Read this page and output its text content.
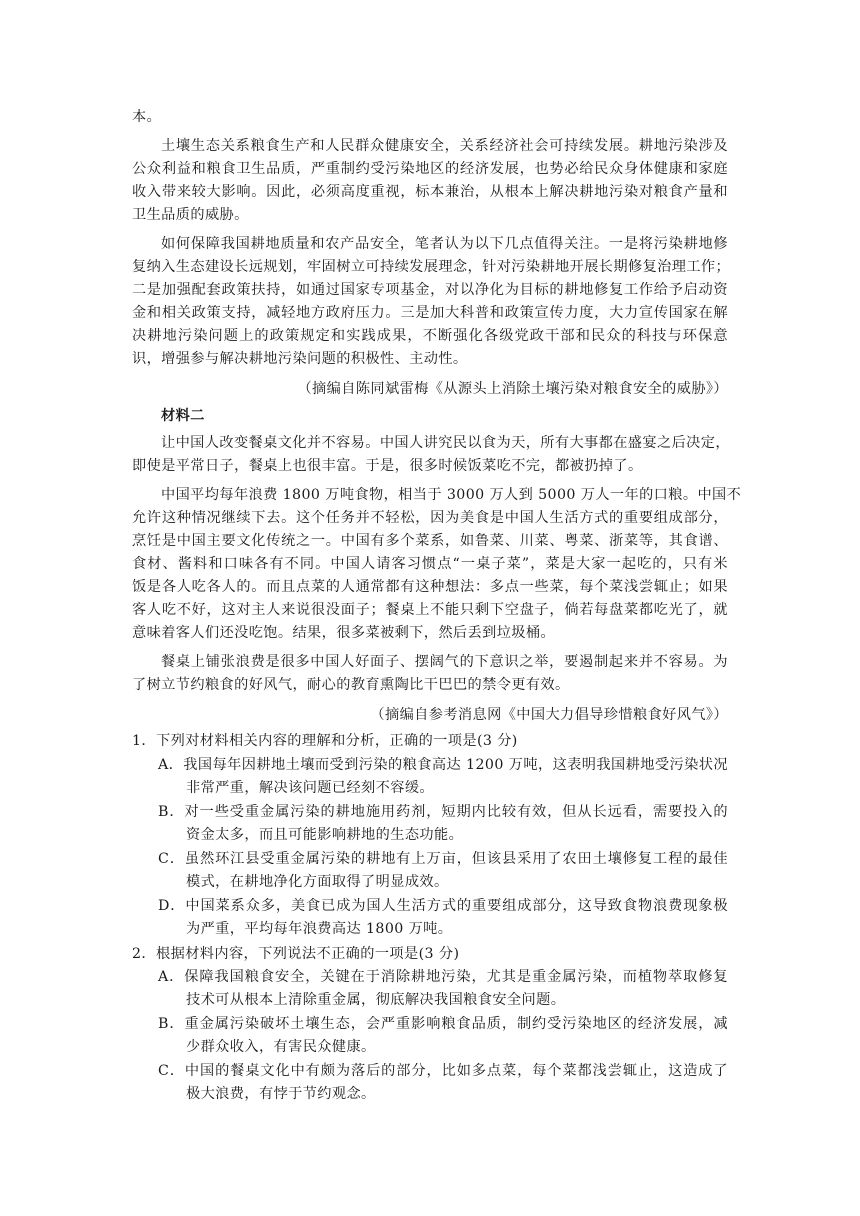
本。
土壤生态关系粮食生产和人民群众健康安全，关系经济社会可持续发展。耕地污染涉及
公众利益和粮食卫生品质，严重制约受污染地区的经济发展，也势必给民众身体健康和家庭
收入带来较大影响。因此，必须高度重视，标本兼治，从根本上解决耕地污染对粮食产量和
卫生品质的威胁。
如何保障我国耕地质量和农产品安全，笔者认为以下几点值得关注。一是将污染耕地修
复纳入生态建设长远规划，牢固树立可持续发展理念，针对污染耕地开展长期修复治理工作；
二是加强配套政策扶持，如通过国家专项基金，对以净化为目标的耕地修复工作给予启动资
金和相关政策支持，减轻地方政府压力。三是加大科普和政策宣传力度，大力宣传国家在解
决耕地污染问题上的政策规定和实践成果，不断强化各级党政干部和民众的科技与环保意
识，增强参与解决耕地污染问题的积极性、主动性。
（摘编自陈同斌雷梅《从源头上消除土壤污染对粮食安全的威胁》）
材料二
让中国人改变餐桌文化并不容易。中国人讲究民以食为天，所有大事都在盛宴之后决定，
即使是平常日子，餐桌上也很丰富。于是，很多时候饭菜吃不完，都被扔掉了。
中国平均每年浪费 1800 万吨食物，相当于 3000 万人到 5000 万人一年的口粮。中国不
允许这种情况继续下去。这个任务并不轻松，因为美食是中国人生活方式的重要组成部分，
烹饪是中国主要文化传统之一。中国有多个菜系，如鲁菜、川菜、粤菜、浙菜等，其食谱、
食材、酱料和口味各有不同。中国人请客习惯点“一桌子菜”，菜是大家一起吃的，只有米
饭是各人吃各人的。而且点菜的人通常都有这种想法：多点一些菜，每个菜浅尝辄止；如果
客人吃不好，这对主人来说很没面子；餐桌上不能只剩下空盘子，倘若每盘菜都吃光了，就
意味着客人们还没吃饱。结果，很多菜被剩下，然后丢到垃圾桶。
餐桌上铺张浪费是很多中国人好面子、摆阔气的下意识之举，要遏制起来并不容易。为
了树立节约粮食的好风气，耐心的教育熏陶比干巴巴的禁令更有效。
（摘编自参考消息网《中国大力倡导珍惜粮食好风气》）
1．下列对材料相关内容的理解和分析，正确的一项是(3 分)
A．我国每年因耕地土壤而受到污染的粮食高达 1200 万吨，这表明我国耕地受污染状况
非常严重，解决该问题已经刻不容缓。
B．对一些受重金属污染的耕地施用药剂，短期内比较有效，但从长远看，需要投入的
资金太多，而且可能影响耕地的生态功能。
C．虽然环江县受重金属污染的耕地有上万亩，但该县采用了农田土壤修复工程的最佳
模式，在耕地净化方面取得了明显成效。
D．中国菜系众多，美食已成为国人生活方式的重要组成部分，这导致食物浪费现象极
为严重，平均每年浪费高达 1800 万吨。
2．根据材料内容，下列说法不正确的一项是(3 分)
A．保障我国粮食安全，关键在于消除耕地污染，尤其是重金属污染，而植物萃取修复
技术可从根本上清除重金属，彻底解决我国粮食安全问题。
B．重金属污染破坏土壤生态，会严重影响粮食品质，制约受污染地区的经济发展，减
少群众收入，有害民众健康。
C．中国的餐桌文化中有颇为落后的部分，比如多点菜，每个菜都浅尝辄止，这造成了
极大浪费，有悖于节约观念。
